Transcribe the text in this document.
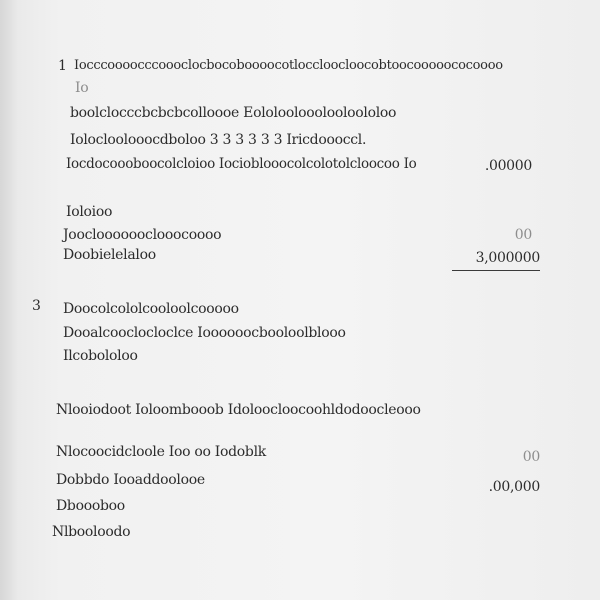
1 Iocccoooocccoooclocbocoboooocotloccloocloocobtoocooooococoooo
Io
boolclocccbcbcbcolloooe Eololoolooolooloololoo
Iolocloolooocdboloo 3 3 3 3 3 3 Iricdoooccl.
Iocdocoooboocolcloioo Iocioblooocolcolotolcloocoo Io	.00000
Ioloioo
Jooclooooooclooocoooo	00
Doobielelaloo	3,000000
3 Doocolcololcooloolcooooo
Dooalcooclocloclce Ioooooocbooloolblooo
Ilcobololoo
Nlooiodoot Ioloombooob Idoloocloocoohldodoocleooo
Nlocoocidcloole Ioo oo Iodoblk	00
Dobbdo Iooaddoolooe	.00,000
Dboooboo
Nlbooloodo
